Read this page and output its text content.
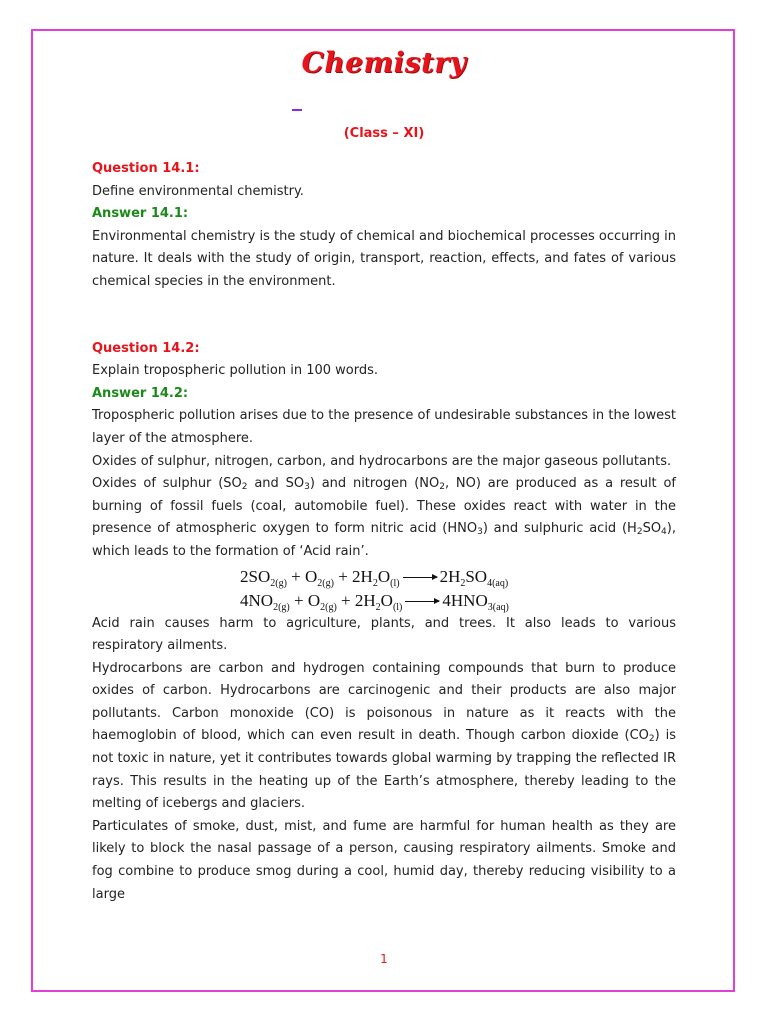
Chemistry
(Class – XI)

Question 14.1:

Define environmental chemistry.

Answer 14.1:

Environmental chemistry is the study of chemical and biochemical processes occurring in nature. It deals with the study of origin, transport, reaction, effects, and fates of various chemical species in the environment.

Question 14.2:

Explain tropospheric pollution in 100 words.

Answer 14.2:

Tropospheric pollution arises due to the presence of undesirable substances in the lowest layer of the atmosphere.

Oxides of sulphur, nitrogen, carbon, and hydrocarbons are the major gaseous pollutants.

Oxides of sulphur ($SO_2$ and $SO_3$) and nitrogen ($NO_2$, NO) are produced as a result of burning of fossil fuels (coal, automobile fuel). These oxides react with water in the presence of atmospheric oxygen to form nitric acid $(HNO_3)$ and sulphuric acid $(H_2SO_4)$, which leads to the formation of ‘Acid rain’.

$2SO_{2(g)} + O_{2(g)} + 2H_2O_{(l)} \to 2H_2SO_{4(aq)}$
$4NO_{2(g)} + O_{2(g)} + 2H_2O_{(l)} \to 4HNO_{3(aq)}$

Acid rain causes harm to agriculture, plants, and trees. It also leads to various respiratory ailments.

Hydrocarbons are carbon and hydrogen containing compounds that burn to produce oxides of carbon. Hydrocarbons are carcinogenic and their products are also major pollutants. Carbon monoxide (CO) is poisonous in nature as it reacts with the haemoglobin of blood, which can even result in death. Though carbon dioxide $(CO_2)$ is not toxic in nature, yet it contributes towards global warming by trapping the reflected IR rays. This results in the heating up of the Earth’s atmosphere, thereby leading to the melting of icebergs and glaciers.

Particulates of smoke, dust, mist, and fume are harmful for human health as they are likely to block the nasal passage of a person, causing respiratory ailments. Smoke and fog combine to produce smog during a cool, humid day, thereby reducing visibility to a large

1
